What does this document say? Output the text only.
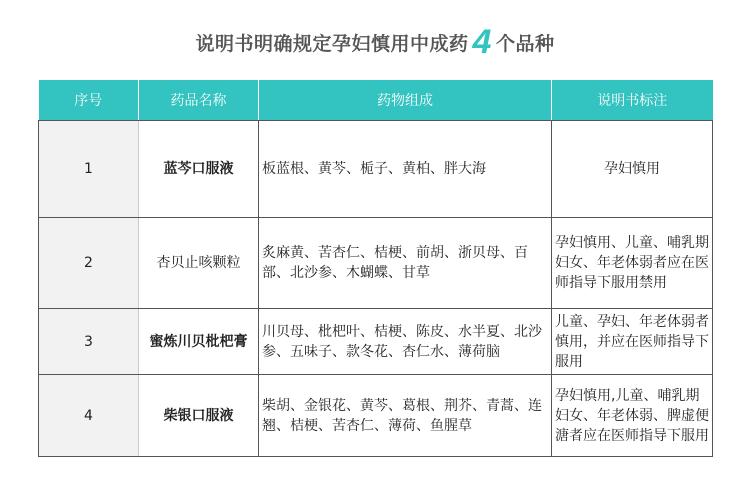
说明书明确规定孕妇慎用中成药 4 个品种
序号	药品名称	药物组成	说明书标注
1	蓝芩口服液	板蓝根、黄芩、栀子、黄柏、胖大海	孕妇慎用
2	杏贝止咳颗粒	炙麻黄、苦杏仁、桔梗、前胡、浙贝母、百部、北沙参、木蝴蝶、甘草	孕妇慎用、儿童、哺乳期妇女、年老体弱者应在医师指导下服用禁用
3	蜜炼川贝枇杷膏	川贝母、枇杷叶、桔梗、陈皮、水半夏、北沙参、五味子、款冬花、杏仁水、薄荷脑	儿童、孕妇、年老体弱者慎用，并应在医师指导下服用
4	柴银口服液	柴胡、金银花、黄芩、葛根、荆芥、青蒿、连翘、桔梗、苦杏仁、薄荷、鱼腥草	孕妇慎用,儿童、哺乳期妇女、年老体弱、脾虚便溏者应在医师指导下服用
